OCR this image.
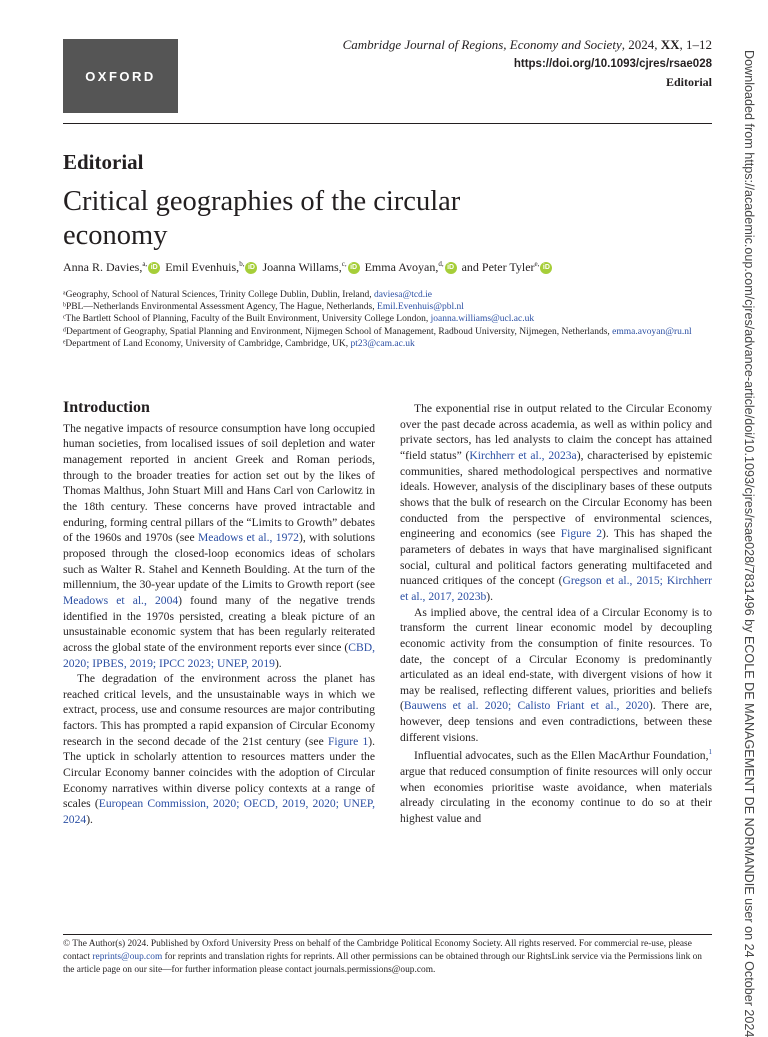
OXFORD
Cambridge Journal of Regions, Economy and Society, 2024, XX, 1–12
https://doi.org/10.1093/cjres/rsae028
Editorial
Editorial
Critical geographies of the circular economy
Anna R. Davies,$^{a,}$ iD Emil Evenhuis,$^{b,}$ iD Joanna Willams,$^{c,}$ iD Emma Avoyan,$^{d,}$ iD and Peter Tyler$^{e,}$ iD

ᵃGeography, School of Natural Sciences, Trinity College Dublin, Dublin, Ireland, daviesa@tcd.ie

ᵇPBL—Netherlands Environmental Assessment Agency, The Hague, Netherlands, Emil.Evenhuis@pbl.nl

ᶜThe Bartlett School of Planning, Faculty of the Built Environment, University College London, joanna.williams@ucl.ac.uk

ᵈDepartment of Geography, Spatial Planning and Environment, Nijmegen School of Management, Radboud University, Nijmegen, Netherlands, emma.avoyan@ru.nl

ᵉDepartment of Land Economy, University of Cambridge, Cambridge, UK, pt23@cam.ac.uk

Introduction

The negative impacts of resource consumption have long occupied human societies, from localised issues of soil depletion and water management reported in ancient Greek and Roman periods, through to the broader treaties for action set out by the likes of Thomas Malthus, John Stuart Mill and Hans Carl von Carlowitz in the 18th century. These concerns have proved intractable and enduring, forming central pillars of the “Limits to Growth” debates of the 1960s and 1970s (see Meadows et al., 1972), with solutions proposed through the closed-loop economics ideas of scholars such as Walter R. Stahel and Kenneth Boulding. At the turn of the millennium, the 30-year update of the Limits to Growth report (see Meadows et al., 2004) found many of the negative trends identified in the 1970s persisted, creating a bleak picture of an unsustainable economic system that has been regularly reiterated across the global state of the environment reports ever since (CBD, 2020; IPBES, 2019; IPCC 2023; UNEP, 2019).

The degradation of the environment across the planet has reached critical levels, and the unsustainable ways in which we extract, process, use and consume resources are major contributing factors. This has prompted a rapid expansion of Circular Economy research in the second decade of the 21st century (see Figure 1). The uptick in scholarly attention to resources matters under the Circular Economy banner coincides with the adoption of Circular Economy narratives within diverse policy contexts at a range of scales (European Commission, 2020; OECD, 2019, 2020; UNEP, 2024).

The exponential rise in output related to the Circular Economy over the past decade across academia, as well as within policy and private sectors, has led analysts to claim the concept has attained “field status” (Kirchherr et al., 2023a), characterised by epistemic communities, shared methodological perspectives and normative ideals. However, analysis of the disciplinary bases of these outputs shows that the bulk of research on the Circular Economy has been conducted from the perspective of environmental sciences, engineering and economics (see Figure 2). This has shaped the parameters of debates in ways that have marginalised significant social, cultural and political factors generating multifaceted and nuanced critiques of the concept (Gregson et al., 2015; Kirchherr et al., 2017, 2023b).

As implied above, the central idea of a Circular Economy is to transform the current linear economic model by decoupling economic activity from the consumption of finite resources. To date, the concept of a Circular Economy is predominantly articulated as an ideal end-state, with divergent visions of how it may be realised, reflecting different values, priorities and beliefs (Bauwens et al. 2020; Calisto Friant et al., 2020). There are, however, deep tensions and even contradictions, between these different visions.

Influential advocates, such as the Ellen MacArthur Foundation,$^1$ argue that reduced consumption of finite resources will only occur when economies prioritise waste avoidance, when materials already circulating in the economy continue to do so at their highest value and

© The Author(s) 2024. Published by Oxford University Press on behalf of the Cambridge Political Economy Society. All rights reserved. For commercial re-use, please contact reprints@oup.com for reprints and translation rights for reprints. All other permissions can be obtained through our RightsLink service via the Permissions link on the article page on our site—for further information please contact journals.permissions@oup.com.	Downloaded from https://academic.oup.com/cjres/advance-article/doi/10.1093/cjres/rsae028/7831496 by ECOLE DE MANAGEMENT DE NORMANDIE user on 24 October 2024
